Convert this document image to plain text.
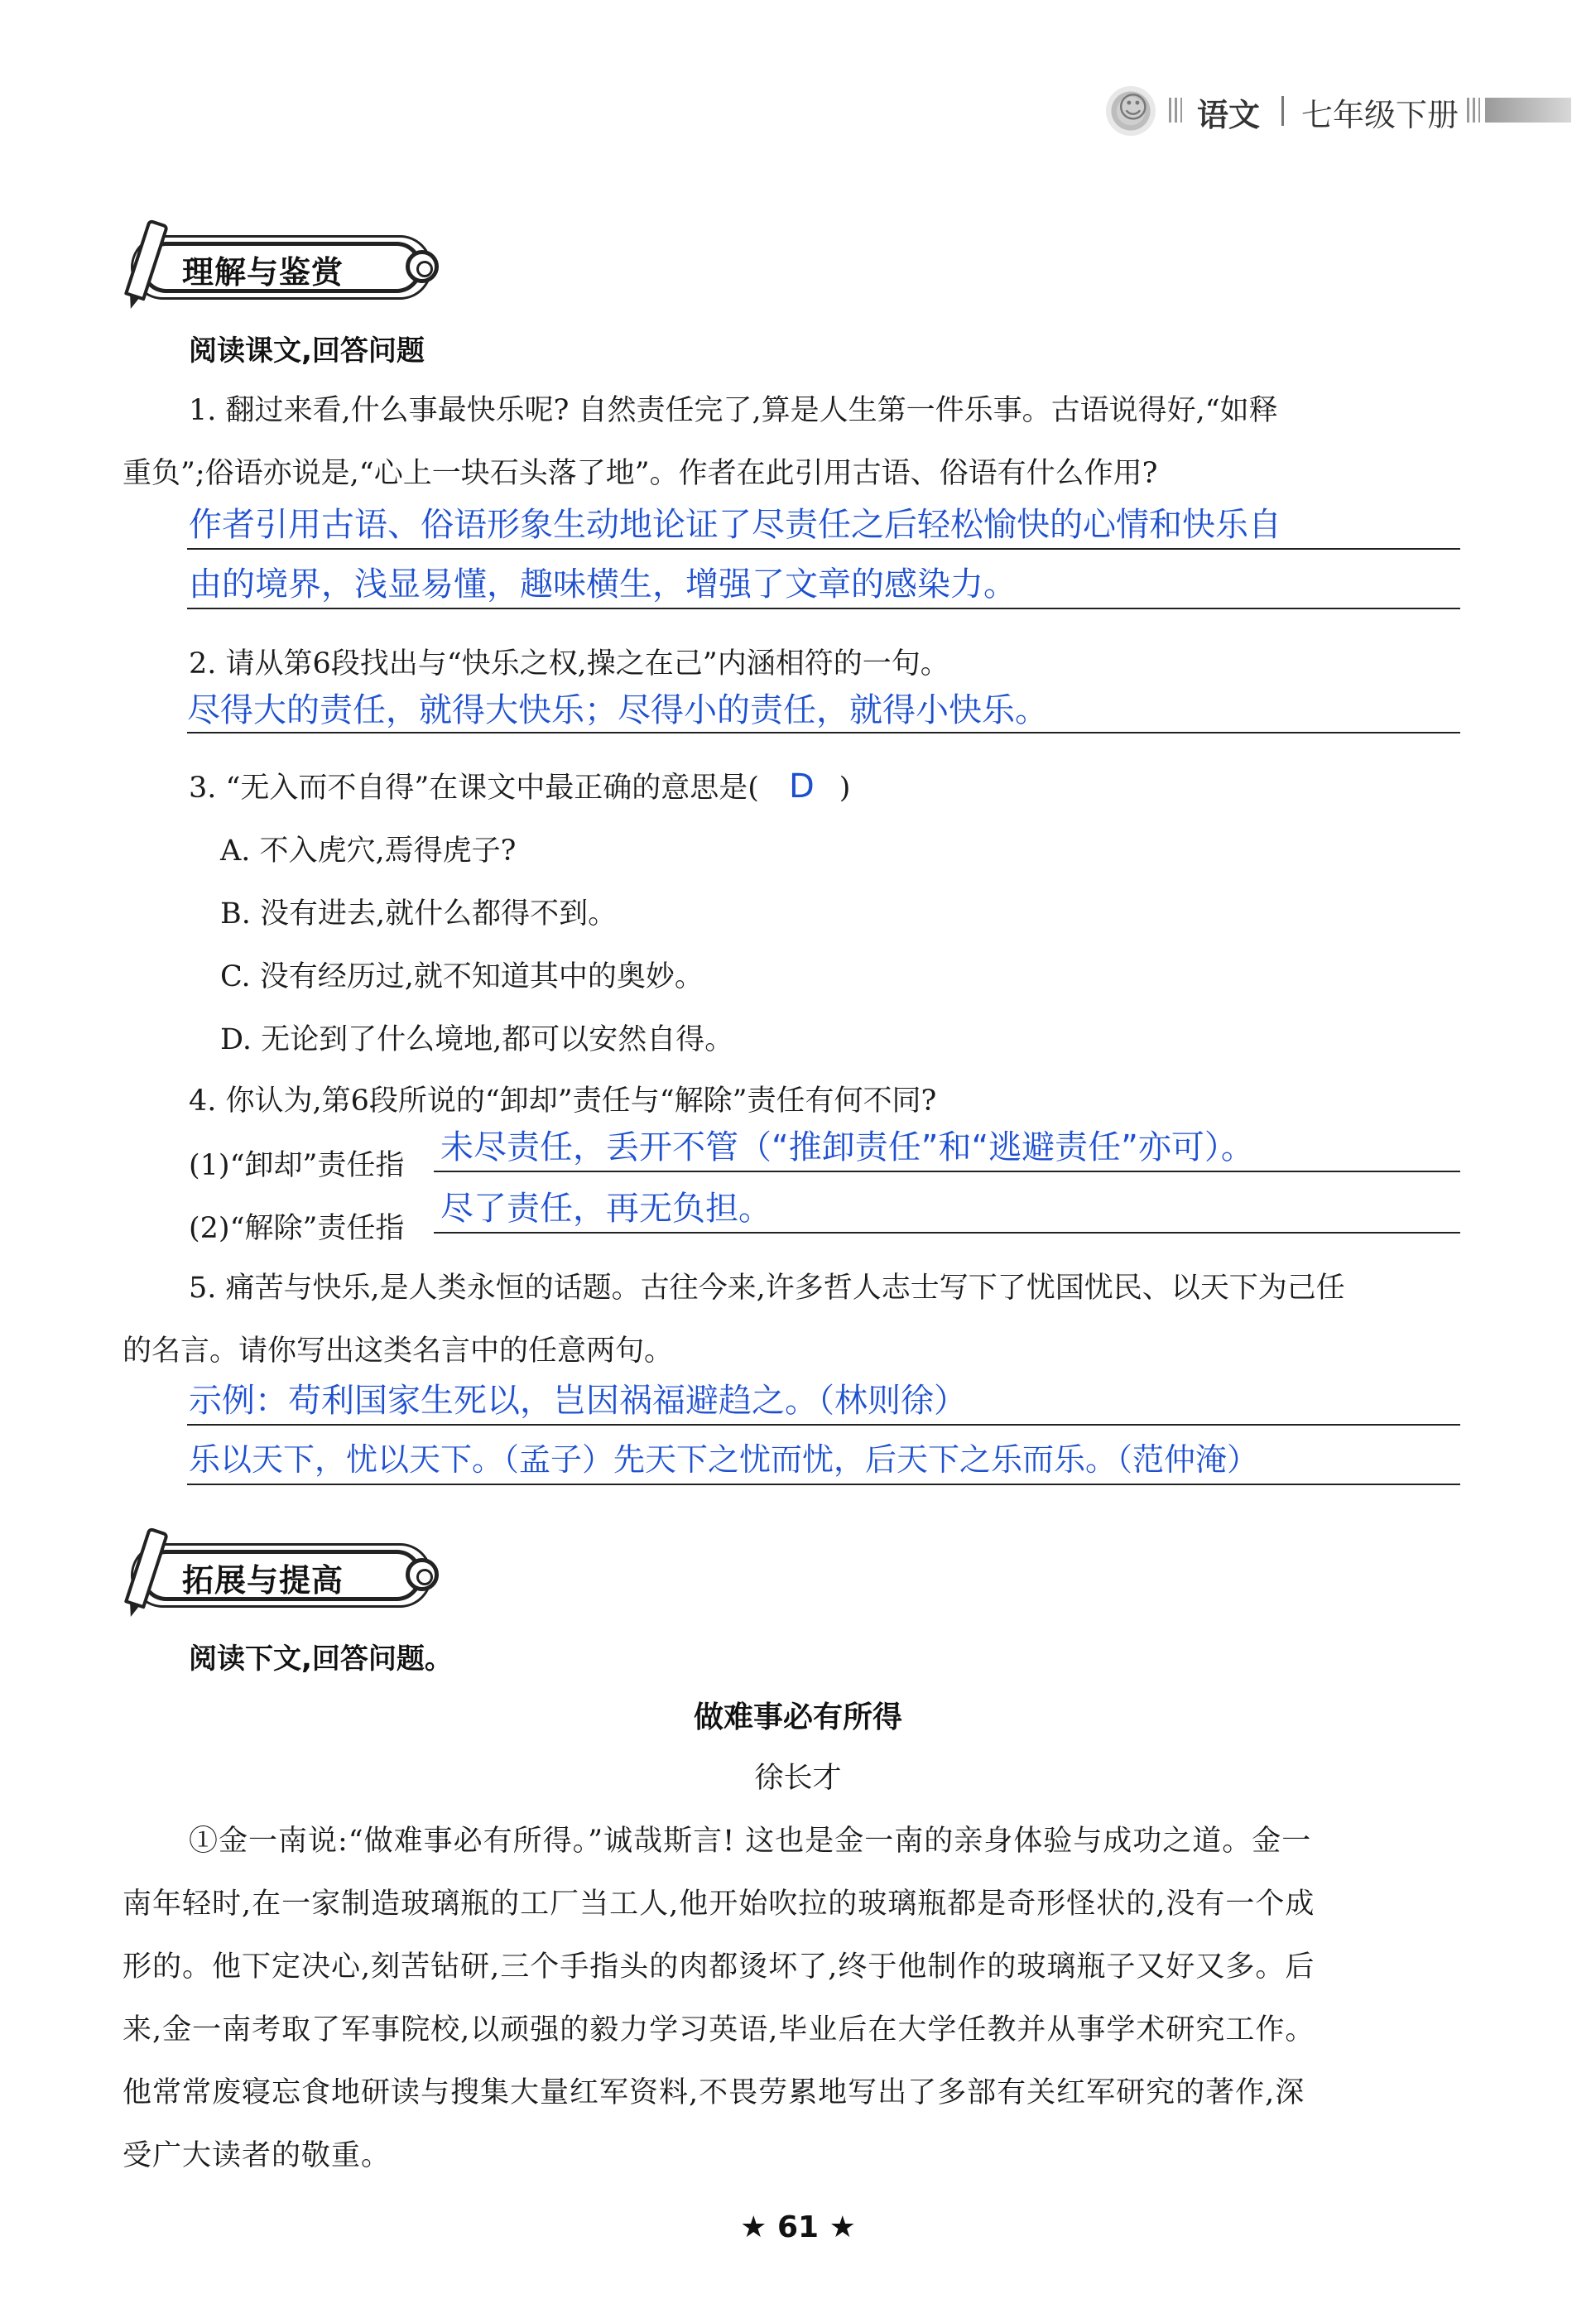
☺
语文 七年级下册
理解与鉴赏
阅读课文,回答问题
1. 翻过来看,什么事最快乐呢? 自然责任完了,算是人生第一件乐事。古语说得好,“如释
重负”;俗语亦说是,“心上一块石头落了地”。作者在此引用古语、俗语有什么作用?
作者引用古语、俗语形象生动地论证了尽责任之后轻松愉快的心情和快乐自
由的境界，浅显易懂，趣味横生，增强了文章的感染力。
2. 请从第6段找出与“快乐之权,操之在己”内涵相符的一句。
尽得大的责任，就得大快乐；尽得小的责任，就得小快乐。
3. “无入而不自得”在课文中最正确的意思是( D )
A. 不入虎穴,焉得虎子?
B. 没有进去,就什么都得不到。
C. 没有经历过,就不知道其中的奥妙。
D. 无论到了什么境地,都可以安然自得。
4. 你认为,第6段所说的“卸却”责任与“解除”责任有何不同?
(1)“卸却”责任指 未尽责任，丢开不管（“推卸责任”和“逃避责任”亦可）。
(2)“解除”责任指
尽了责任，再无负担。
5. 痛苦与快乐,是人类永恒的话题。古往今来,许多哲人志士写下了忧国忧民、以天下为己任
的名言。请你写出这类名言中的任意两句。
示例：苟利国家生死以，岂因祸福避趋之。（林则徐）
乐以天下，忧以天下。（孟子）先天下之忧而忧，后天下之乐而乐。（范仲淹）
拓展与提高
阅读下文,回答问题。
做难事必有所得
徐长才
①金一南说:“做难事必有所得。”诚哉斯言! 这也是金一南的亲身体验与成功之道。金一
南年轻时,在一家制造玻璃瓶的工厂当工人,他开始吹拉的玻璃瓶都是奇形怪状的,没有一个成
形的。他下定决心,刻苦钻研,三个手指头的肉都烫坏了,终于他制作的玻璃瓶子又好又多。后
来,金一南考取了军事院校,以顽强的毅力学习英语,毕业后在大学任教并从事学术研究工作。
他常常废寝忘食地研读与搜集大量红军资料,不畏劳累地写出了多部有关红军研究的著作,深
受广大读者的敬重。
★ 61 ★
